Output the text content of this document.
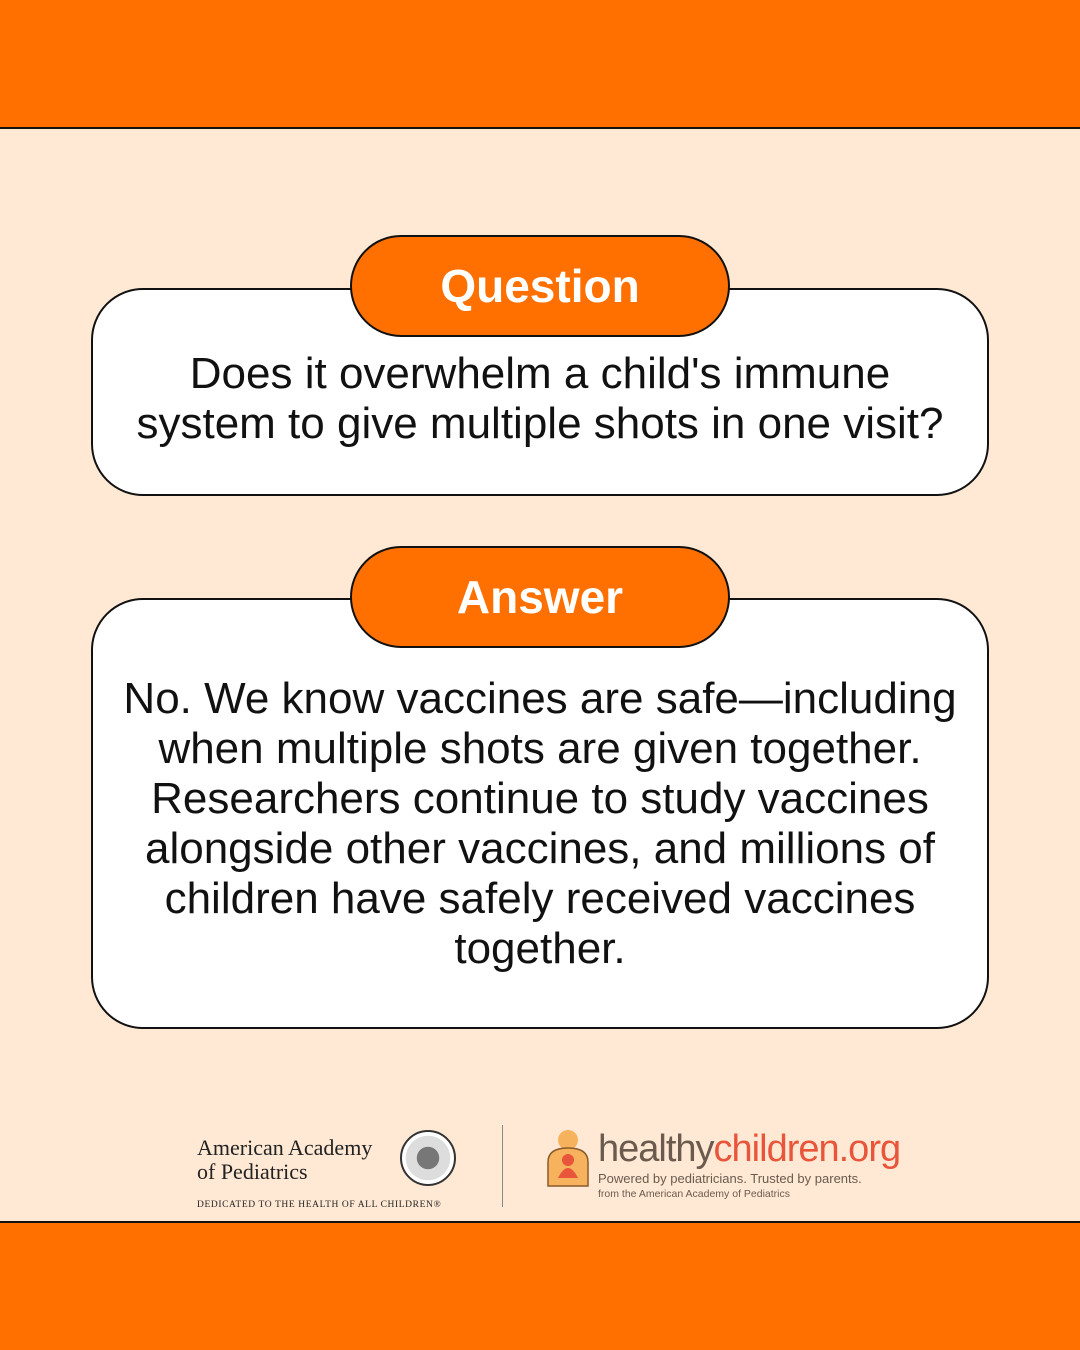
Does it overwhelm a child's immune system to give multiple shots in one visit?
Question
No. We know vaccines are safe—including when multiple shots are given together. Researchers continue to study vaccines alongside other vaccines, and millions of children have safely received vaccines together.
Answer
American Academy
of Pediatrics
DEDICATED TO THE HEALTH OF ALL CHILDREN®
healthychildren.org
Powered by pediatricians. Trusted by parents.
from the American Academy of Pediatrics
